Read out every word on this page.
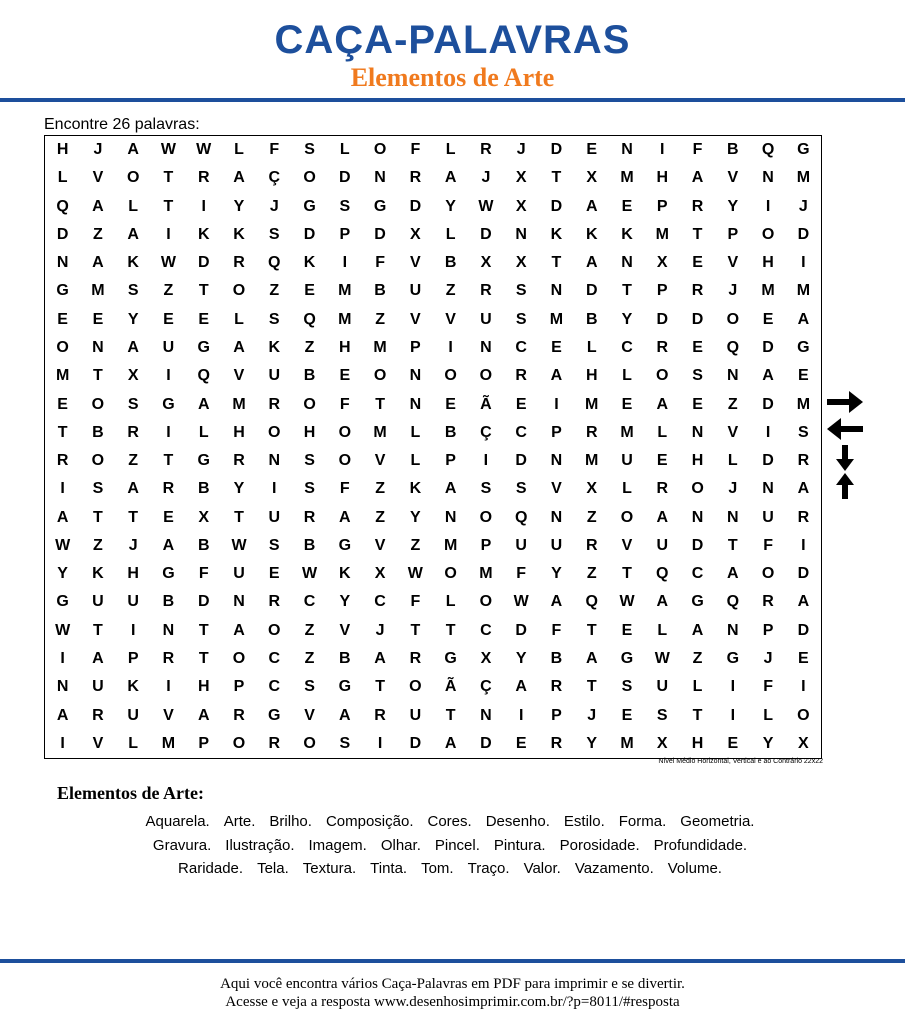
CAÇA-PALAVRAS
Elementos de Arte
Encontre 26 palavras:
H	J	A	W	W	L	F	S	L	O	F	L	R	J	D	E	N	I	F	B	Q	G
L	V	O	T	R	A	Ç	O	D	N	R	A	J	X	T	X	M	H	A	V	N	M
Q	A	L	T	I	Y	J	G	S	G	D	Y	W	X	D	A	E	P	R	Y	I	J
D	Z	A	I	K	K	S	D	P	D	X	L	D	N	K	K	K	M	T	P	O	D
N	A	K	W	D	R	Q	K	I	F	V	B	X	X	T	A	N	X	E	V	H	I
G	M	S	Z	T	O	Z	E	M	B	U	Z	R	S	N	D	T	P	R	J	M	M
E	E	Y	E	E	L	S	Q	M	Z	V	V	U	S	M	B	Y	D	D	O	E	A
O	N	A	U	G	A	K	Z	H	M	P	I	N	C	E	L	C	R	E	Q	D	G
M	T	X	I	Q	V	U	B	E	O	N	O	O	R	A	H	L	O	S	N	A	E
E	O	S	G	A	M	R	O	F	T	N	E	Ã	E	I	M	E	A	E	Z	D	M
T	B	R	I	L	H	O	H	O	M	L	B	Ç	C	P	R	M	L	N	V	I	S
R	O	Z	T	G	R	N	S	O	V	L	P	I	D	N	M	U	E	H	L	D	R
I	S	A	R	B	Y	I	S	F	Z	K	A	S	S	V	X	L	R	O	J	N	A
A	T	T	E	X	T	U	R	A	Z	Y	N	O	Q	N	Z	O	A	N	N	U	R
W	Z	J	A	B	W	S	B	G	V	Z	M	P	U	U	R	V	U	D	T	F	I
Y	K	H	G	F	U	E	W	K	X	W	O	M	F	Y	Z	T	Q	C	A	O	D
G	U	U	B	D	N	R	C	Y	C	F	L	O	W	A	Q	W	A	G	Q	R	A
W	T	I	N	T	A	O	Z	V	J	T	T	C	D	F	T	E	L	A	N	P	D
I	A	P	R	T	O	C	Z	B	A	R	G	X	Y	B	A	G	W	Z	G	J	E
N	U	K	I	H	P	C	S	G	T	O	Ã	Ç	A	R	T	S	U	L	I	F	I
A	R	U	V	A	R	G	V	A	R	U	T	N	I	P	J	E	S	T	I	L	O
I	V	L	M	P	O	R	O	S	I	D	A	D	E	R	Y	M	X	H	E	Y	X
Nível Médio Horizontal, Vertical e ao Contrário 22x22
Elementos de Arte:
Aquarela. Arte. Brilho. Composição. Cores. Desenho. Estilo. Forma. Geometria.
Gravura. Ilustração. Imagem. Olhar. Pincel. Pintura. Porosidade. Profundidade.
Raridade. Tela. Textura. Tinta. Tom. Traço. Valor. Vazamento. Volume.
Aqui você encontra vários Caça-Palavras em PDF para imprimir e se divertir.
Acesse e veja a resposta www.desenhosimprimir.com.br/?p=8011/#resposta
